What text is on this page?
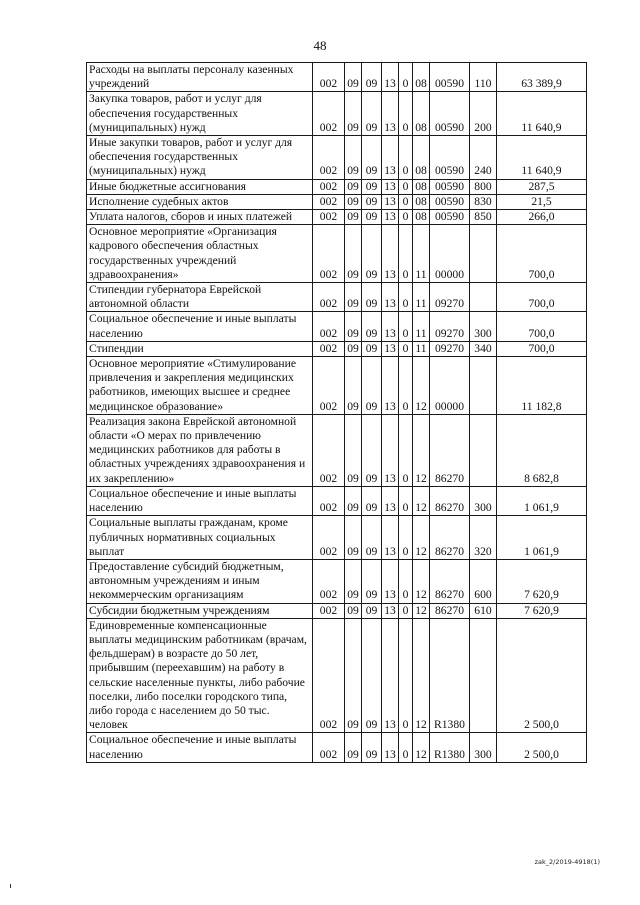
48
Расходы на выплаты персоналу казенных учреждений	002	09	09	13	0	08	00590	110	63 389,9
Закупка товаров, работ и услуг для обеспечения государственных (муниципальных) нужд	002	09	09	13	0	08	00590	200	11 640,9
Иные закупки товаров, работ и услуг для обеспечения государственных (муниципальных) нужд	002	09	09	13	0	08	00590	240	11 640,9
Иные бюджетные ассигнования	002	09	09	13	0	08	00590	800	287,5
Исполнение судебных актов	002	09	09	13	0	08	00590	830	21,5
Уплата налогов, сборов и иных платежей	002	09	09	13	0	08	00590	850	266,0
Основное мероприятие «Организация кадрового обеспечения областных государственных учреждений здравоохранения»	002	09	09	13	0	11	00000		700,0
Стипендии губернатора Еврейской автономной области	002	09	09	13	0	11	09270		700,0
Социальное обеспечение и иные выплаты населению	002	09	09	13	0	11	09270	300	700,0
Стипендии	002	09	09	13	0	11	09270	340	700,0
Основное мероприятие «Стимулирование привлечения и закрепления медицинских работников, имеющих высшее и среднее медицинское образование»	002	09	09	13	0	12	00000		11 182,8
Реализация закона Еврейской автономной области «О мерах по привлечению медицинских работников для работы в областных учреждениях здравоохранения и их закреплению»	002	09	09	13	0	12	86270		8 682,8
Социальное обеспечение и иные выплаты населению	002	09	09	13	0	12	86270	300	1 061,9
Социальные выплаты гражданам, кроме публичных нормативных социальных выплат	002	09	09	13	0	12	86270	320	1 061,9
Предоставление субсидий бюджетным, автономным учреждениям и иным некоммерческим организациям	002	09	09	13	0	12	86270	600	7 620,9
Субсидии бюджетным учреждениям	002	09	09	13	0	12	86270	610	7 620,9
Единовременные компенсационные выплаты медицинским работникам (врачам, фельдшерам) в возрасте до 50 лет, прибывшим (переехавшим) на работу в сельские населенные пункты, либо рабочие поселки, либо поселки городского типа, либо города с населением до 50 тыс. человек	002	09	09	13	0	12	R1380		2 500,0
Социальное обеспечение и иные выплаты населению	002	09	09	13	0	12	R1380	300	2 500,0
zak_2/2019-4918(1)
